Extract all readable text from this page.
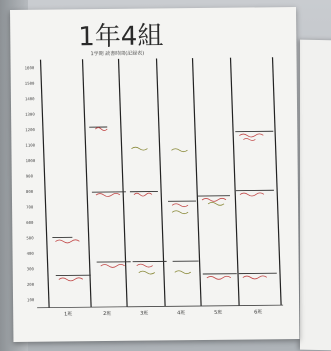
1年4組
1学期 読書時間(記録表)
1600
1500
1400
1300
1200
1100
1000
900
800
700
600
500
400
300
200
100
1班	2班	3班	4班	5班	6班
